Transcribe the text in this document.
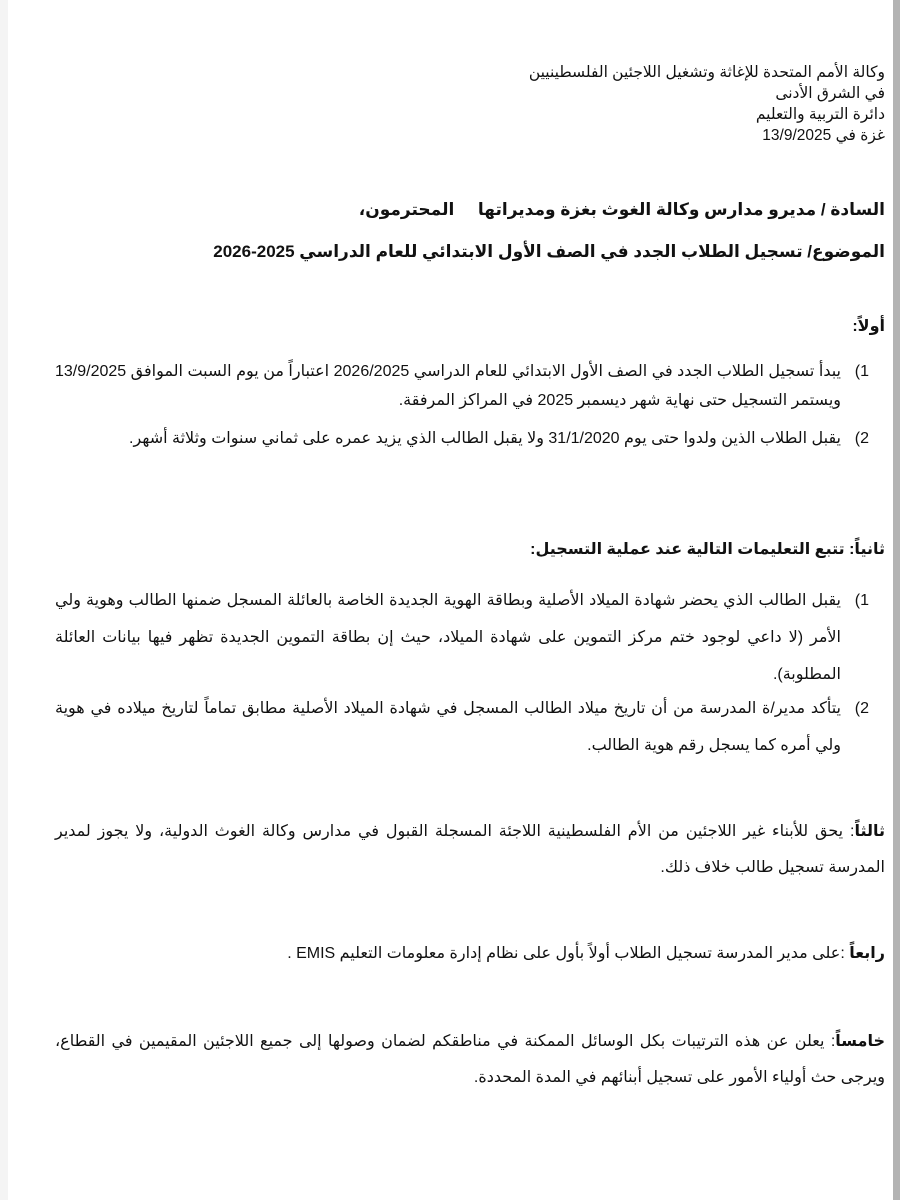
وكالة الأمم المتحدة للإغاثة وتشغيل اللاجئين الفلسطينيين

في الشرق الأدنى

دائرة التربية والتعليم

غزة في 13/9/2025

السادة / مديرو مدارس وكالة الغوث بغزة ومديراتها     المحترمون،
الموضوع/ تسجيل الطلاب الجدد في الصف الأول الابتدائي للعام الدراسي 2025-2026
أولاً:
1)
يبدأ تسجيل الطلاب الجدد في الصف الأول الابتدائي للعام الدراسي 2026/2025 اعتباراً من يوم السبت الموافق 13/9/2025 ويستمر التسجيل حتى نهاية شهر ديسمبر 2025 في المراكز المرفقة.
2)
يقبل الطلاب الذين ولدوا حتى يوم 31/1/2020 ولا يقبل الطالب الذي يزيد عمره على ثماني سنوات وثلاثة أشهر.
ثانياً: تتبع التعليمات التالية عند عملية التسجيل:
1)
يقبل الطالب الذي يحضر شهادة الميلاد الأصلية وبطاقة الهوية الجديدة الخاصة بالعائلة المسجل ضمنها الطالب وهوية ولي الأمر (لا داعي لوجود ختم مركز التموين على شهادة الميلاد، حيث إن بطاقة التموين الجديدة تظهر فيها بيانات العائلة المطلوبة).
2)
يتأكد مدير/ة المدرسة من أن تاريخ ميلاد الطالب المسجل في شهادة الميلاد الأصلية مطابق تماماً لتاريخ ميلاده في هوية ولي أمره كما يسجل رقم هوية الطالب.
ثالثاً: يحق للأبناء غير اللاجئين من الأم الفلسطينية اللاجئة المسجلة القبول في مدارس وكالة الغوث الدولية، ولا يجوز لمدير المدرسة تسجيل طالب خلاف ذلك.
رابعاً :على مدير المدرسة تسجيل الطلاب أولاً بأول على نظام إدارة معلومات التعليم EMIS .
خامساً: يعلن عن هذه الترتيبات بكل الوسائل الممكنة في مناطقكم لضمان وصولها إلى جميع اللاجئين المقيمين في القطاع، ويرجى حث أولياء الأمور على تسجيل أبنائهم في المدة المحددة.
